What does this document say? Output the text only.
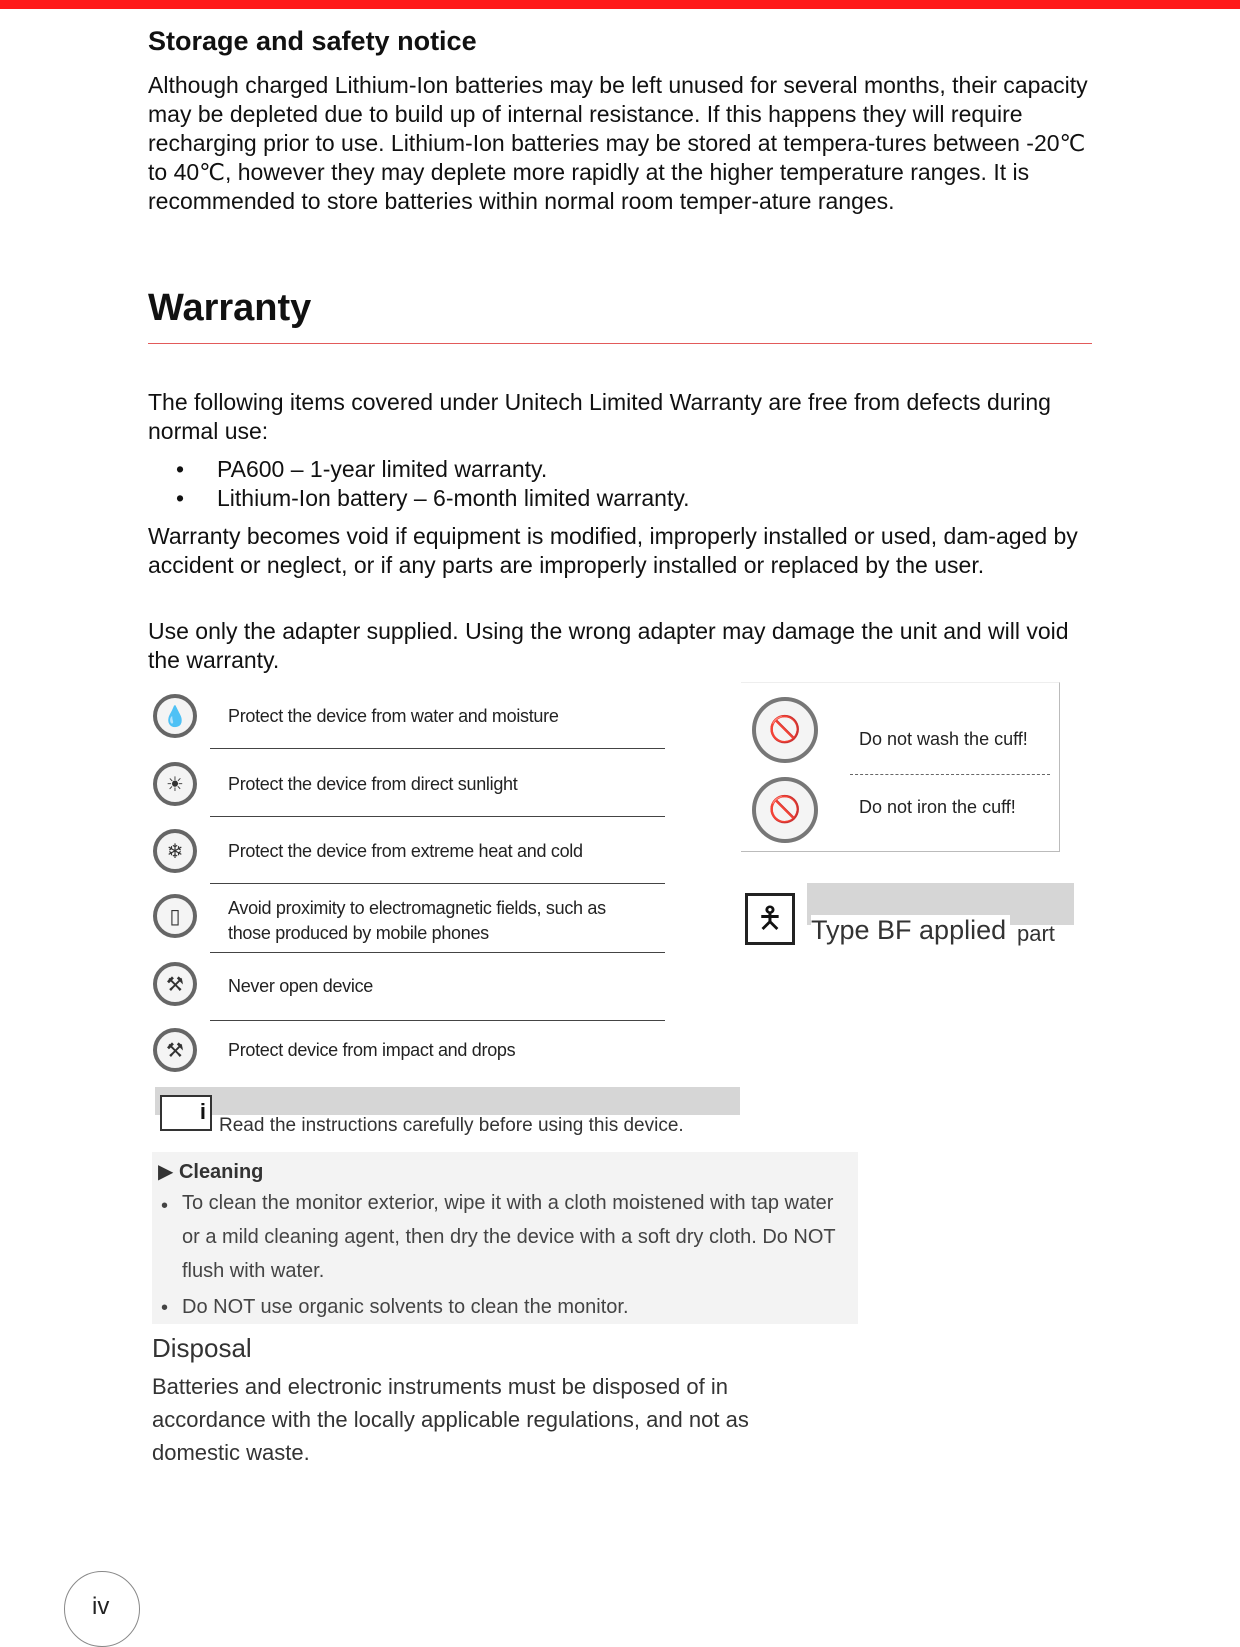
Storage and safety notice

Although charged Lithium-Ion batteries may be left unused for several months, their capacity may be depleted due to build up of internal resistance. If this happens they will require recharging prior to use. Lithium-Ion batteries may be stored at tempera-tures between -20℃ to 40℃, however they may deplete more rapidly at the higher temperature ranges. It is recommended to store batteries within normal room temper-ature ranges.

Warranty

The following items covered under Unitech Limited Warranty are free from defects during normal use:

• PA600 – 1-year limited warranty.
• Lithium-Ion battery – 6-month limited warranty.

Warranty becomes void if equipment is modified, improperly installed or used, dam-aged by accident or neglect, or if any parts are improperly installed or replaced by the user.

Use only the adapter supplied. Using the wrong adapter may damage the unit and will void the warranty.

💧	Protect the device from water and moisture
☀	Protect the device from direct sunlight
❄	Protect the device from extreme heat and cold
▯	Avoid proximity to electromagnetic fields, such as those produced by mobile phones
⚒	Never open device
⚒	Protect device from impact and drops
🚫	Do not wash the cuff!
🚫	Do not iron the cuff!
🯅	Type BF applied part
i
Read the instructions carefully before using this device.
▶ Cleaning
• To clean the monitor exterior, wipe it with a cloth moistened with tap water or a mild cleaning agent, then dry the device with a soft dry cloth. Do NOT flush with water.
• Do NOT use organic solvents to clean the monitor.
Disposal
Batteries and electronic instruments must be disposed of in accordance with the locally applicable regulations, and not as domestic waste.
iv
